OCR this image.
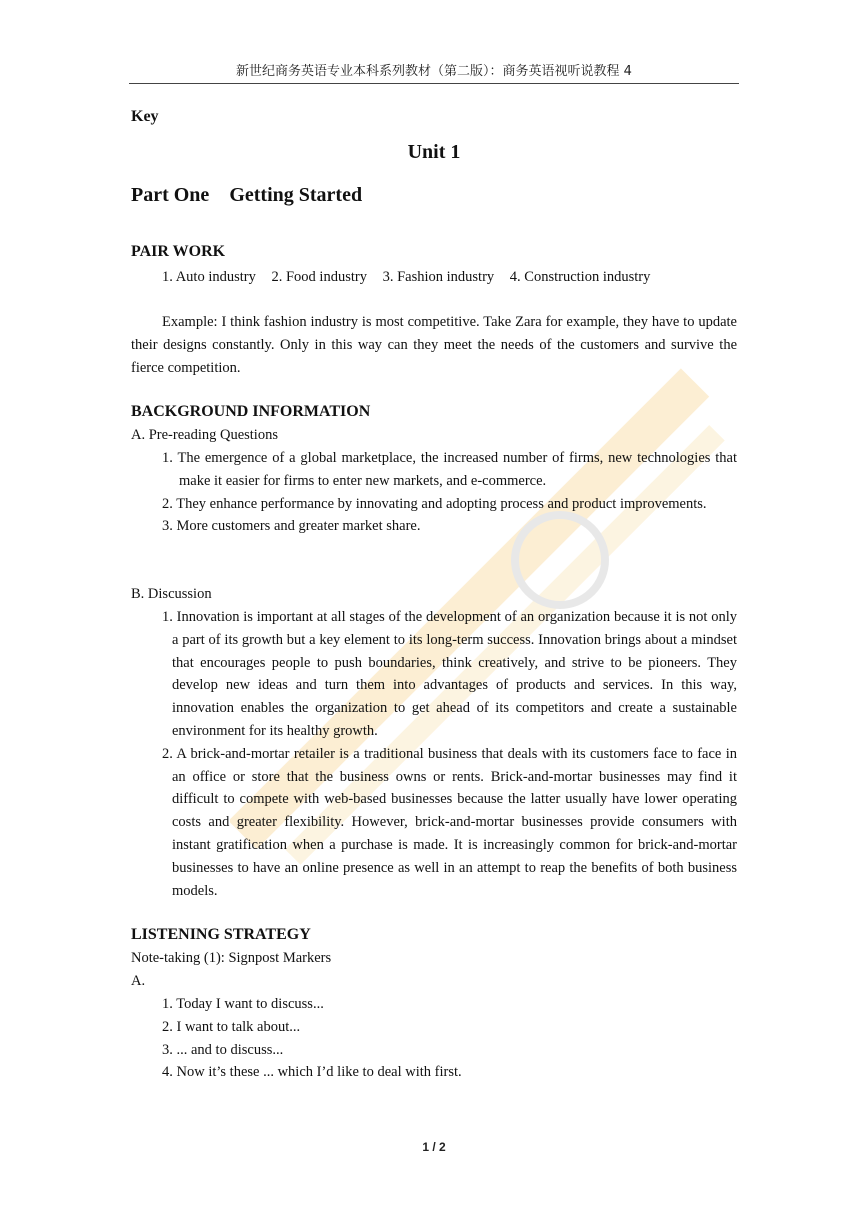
新世纪商务英语专业本科系列教材（第二版）：商务英语视听说教程 4
Key
Unit 1
Part One Getting Started
PAIR WORK
1. Auto industry 2. Food industry 3. Fashion industry 4. Construction industry
Example: I think fashion industry is most competitive. Take Zara for example, they have to update their designs constantly. Only in this way can they meet the needs of the customers and survive the fierce competition.
BACKGROUND INFORMATION
A. Pre-reading Questions
1. The emergence of a global marketplace, the increased number of firms, new technologies that make it easier for firms to enter new markets, and e-commerce.
2. They enhance performance by innovating and adopting process and product improvements.
3. More customers and greater market share.
B. Discussion
1. Innovation is important at all stages of the development of an organization because it is not only a part of its growth but a key element to its long-term success. Innovation brings about a mindset that encourages people to push boundaries, think creatively, and strive to be pioneers. They develop new ideas and turn them into advantages of products and services. In this way, innovation enables the organization to get ahead of its competitors and create a sustainable environment for its healthy growth.
2. A brick-and-mortar retailer is a traditional business that deals with its customers face to face in an office or store that the business owns or rents. Brick-and-mortar businesses may find it difficult to compete with web-based businesses because the latter usually have lower operating costs and greater flexibility. However, brick-and-mortar businesses provide consumers with instant gratification when a purchase is made. It is increasingly common for brick-and-mortar businesses to have an online presence as well in an attempt to reap the benefits of both business models.
LISTENING STRATEGY
Note-taking (1): Signpost Markers
A.
1. Today I want to discuss...
2. I want to talk about...
3. ... and to discuss...
4. Now it’s these ... which I’d like to deal with first.
1 / 2
